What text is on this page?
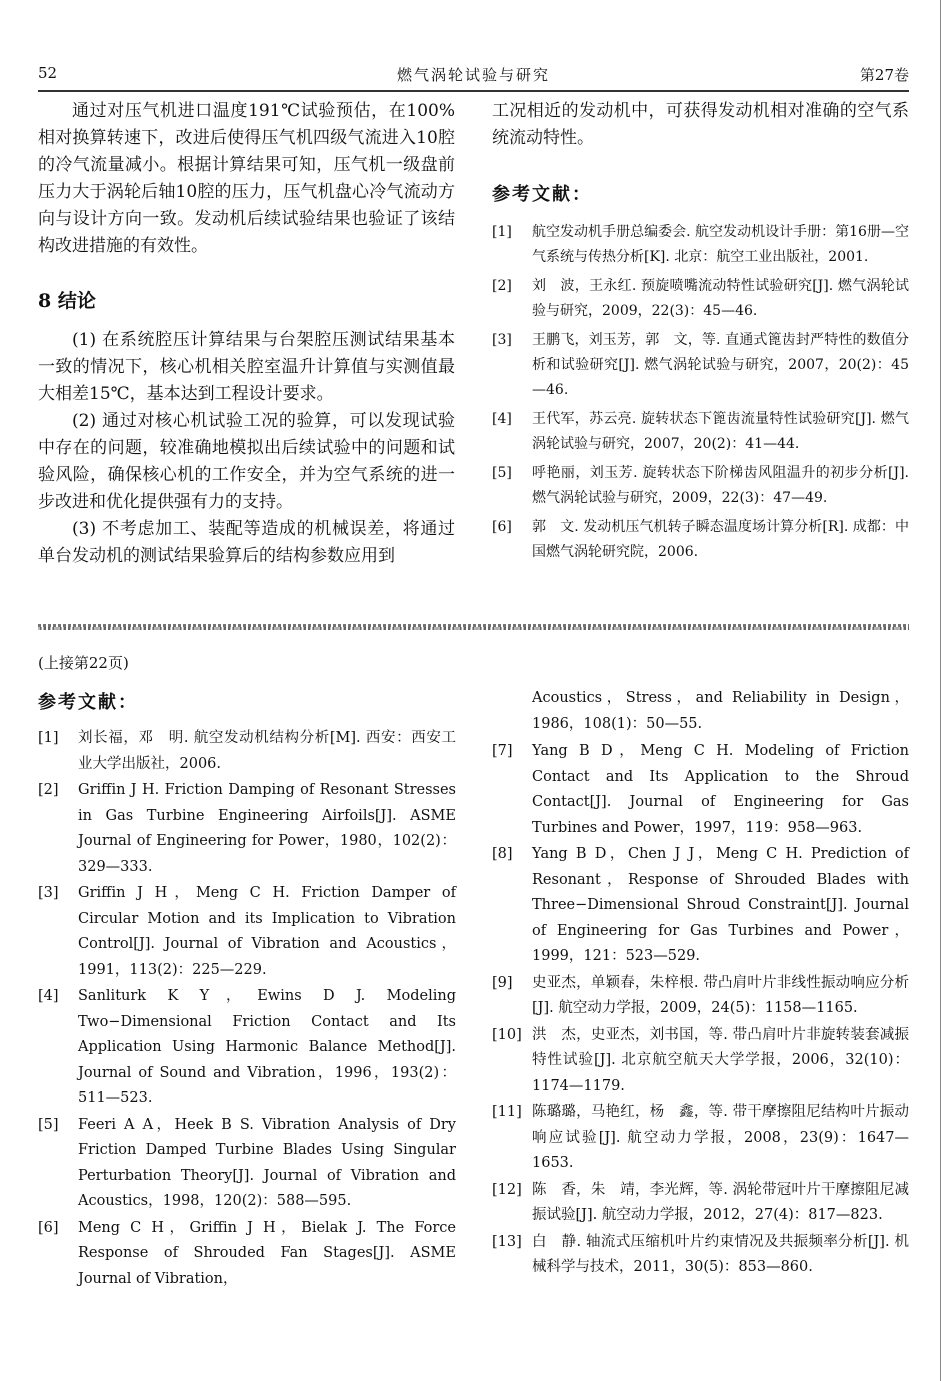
52	燃气涡轮试验与研究	第27卷

通过对压气机进口温度191℃试验预估，在100%相对换算转速下，改进后使得压气机四级气流进入10腔的冷气流量减小。根据计算结果可知，压气机一级盘前压力大于涡轮后轴10腔的压力，压气机盘心冷气流动方向与设计方向一致。发动机后续试验结果也验证了该结构改进措施的有效性。

8 结论

(1) 在系统腔压计算结果与台架腔压测试结果基本一致的情况下，核心机相关腔室温升计算值与实测值最大相差15℃，基本达到工程设计要求。

(2) 通过对核心机试验工况的验算，可以发现试验中存在的问题，较准确地模拟出后续试验中的问题和试验风险，确保核心机的工作安全，并为空气系统的进一步改进和优化提供强有力的支持。

(3) 不考虑加工、装配等造成的机械误差，将通过单台发动机的测试结果验算后的结构参数应用到

工况相近的发动机中，可获得发动机相对准确的空气系统流动特性。

参考文献：

[1] 航空发动机手册总编委会. 航空发动机设计手册：第16册—空气系统与传热分析[K]. 北京：航空工业出版社，2001.
[2] 刘　波，王永红. 预旋喷嘴流动特性试验研究[J]. 燃气涡轮试验与研究，2009，22(3)：45—46.
[3] 王鹏飞，刘玉芳，郭　文，等. 直通式篦齿封严特性的数值分析和试验研究[J]. 燃气涡轮试验与研究，2007，20(2)：45—46.
[4] 王代军，苏云亮. 旋转状态下篦齿流量特性试验研究[J]. 燃气涡轮试验与研究，2007，20(2)：41—44.
[5] 呼艳丽，刘玉芳. 旋转状态下阶梯齿风阻温升的初步分析[J]. 燃气涡轮试验与研究，2009，22(3)：47—49.
[6] 郭　文. 发动机压气机转子瞬态温度场计算分析[R]. 成都：中国燃气涡轮研究院，2006.
(上接第22页)

参考文献：

[1] 刘长福，邓　明. 航空发动机结构分析[M]. 西安：西安工业大学出版社，2006.
[2] Griffin J H. Friction Damping of Resonant Stresses in Gas Turbine Engineering Airfoils[J]. ASME Journal of Engineering for Power，1980，102(2)：329—333.
[3] Griffin J H，Meng C H. Friction Damper of Circular Motion and its Implication to Vibration Control[J]. Journal of Vibration and Acoustics，1991，113(2)：225—229.
[4] Sanliturk K Y，Ewins D J. Modeling Two−Dimensional Friction Contact and Its Application Using Harmonic Balance Method[J]. Journal of Sound and Vibration，1996，193(2)：511—523.
[5] Feeri A A，Heek B S. Vibration Analysis of Dry Friction Damped Turbine Blades Using Singular Perturbation Theory[J]. Journal of Vibration and Acoustics，1998，120(2)：588—595.
[6] Meng C H，Griffin J H，Bielak J. The Force Response of Shrouded Fan Stages[J]. ASME Journal of Vibration，

Acoustics，Stress，and Reliability in Design，1986，108(1)：50—55.

[7] Yang B D，Meng C H. Modeling of Friction Contact and Its Application to the Shroud Contact[J]. Journal of Engineering for Gas Turbines and Power，1997，119：958—963.
[8] Yang B D，Chen J J，Meng C H. Prediction of Resonant，Response of Shrouded Blades with Three−Dimensional Shroud Constraint[J]. Journal of Engineering for Gas Turbines and Power，1999，121：523—529.
[9] 史亚杰，单颖春，朱梓根. 带凸肩叶片非线性振动响应分析[J]. 航空动力学报，2009，24(5)：1158—1165.
[10] 洪　杰，史亚杰，刘书国，等. 带凸肩叶片非旋转装套减振特性试验[J]. 北京航空航天大学学报，2006，32(10)：1174—1179.
[11] 陈璐璐，马艳红，杨　鑫，等. 带干摩擦阻尼结构叶片振动响应试验[J]. 航空动力学报，2008，23(9)：1647—1653.
[12] 陈　香，朱　靖，李光辉，等. 涡轮带冠叶片干摩擦阻尼减振试验[J]. 航空动力学报，2012，27(4)：817—823.
[13] 白　静. 轴流式压缩机叶片约束情况及共振频率分析[J]. 机械科学与技术，2011，30(5)：853—860.
